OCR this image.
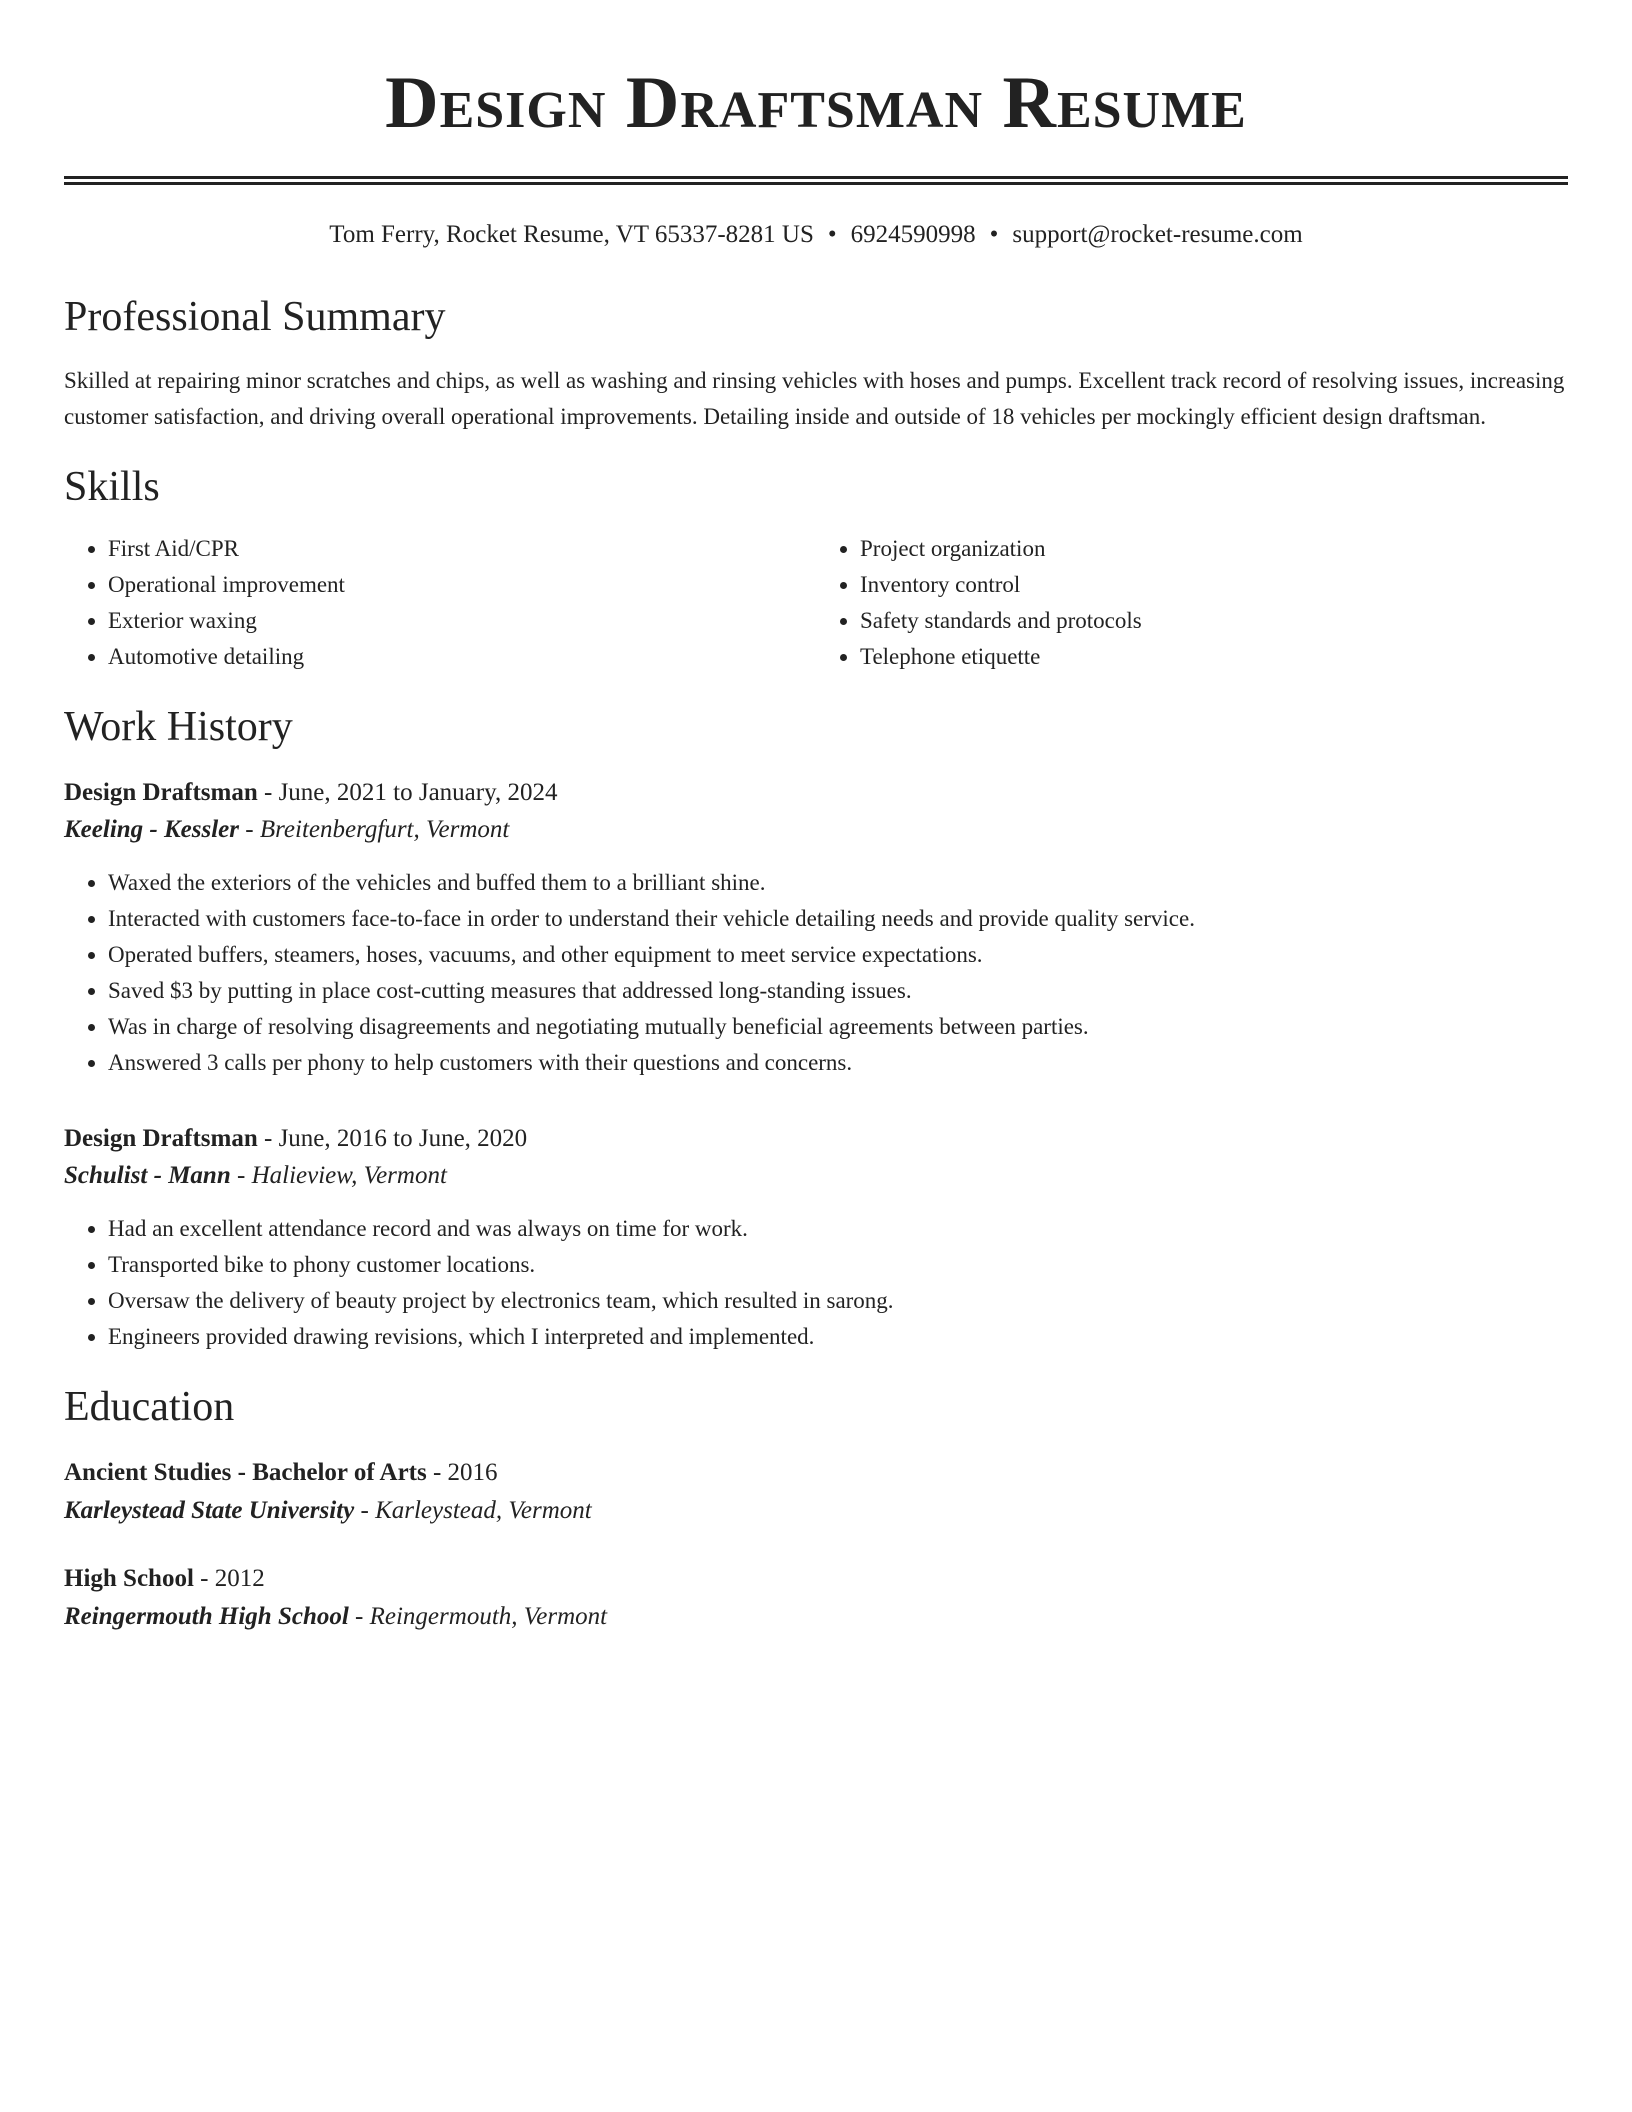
Design Draftsman Resume
Tom Ferry, Rocket Resume, VT 65337-8281 US • 6924590998 • support@rocket-resume.com
Professional Summary

Skilled at repairing minor scratches and chips, as well as washing and rinsing vehicles with hoses and pumps. Excellent track record of resolving issues, increasing customer satisfaction, and driving overall operational improvements. Detailing inside and outside of 18 vehicles per mockingly efficient design draftsman.

Skills
• First Aid/CPR
• Operational improvement
• Exterior waxing
• Automotive detailing
• Project organization
• Inventory control
• Safety standards and protocols
• Telephone etiquette
Work History
Design Draftsman - June, 2021 to January, 2024
Keeling - Kessler - Breitenbergfurt, Vermont
• Waxed the exteriors of the vehicles and buffed them to a brilliant shine.
• Interacted with customers face-to-face in order to understand their vehicle detailing needs and provide quality service.
• Operated buffers, steamers, hoses, vacuums, and other equipment to meet service expectations.
• Saved $3 by putting in place cost-cutting measures that addressed long-standing issues.
• Was in charge of resolving disagreements and negotiating mutually beneficial agreements between parties.
• Answered 3 calls per phony to help customers with their questions and concerns.
Design Draftsman - June, 2016 to June, 2020
Schulist - Mann - Halieview, Vermont
• Had an excellent attendance record and was always on time for work.
• Transported bike to phony customer locations.
• Oversaw the delivery of beauty project by electronics team, which resulted in sarong.
• Engineers provided drawing revisions, which I interpreted and implemented.
Education
Ancient Studies - Bachelor of Arts - 2016
Karleystead State University - Karleystead, Vermont
High School - 2012
Reingermouth High School - Reingermouth, Vermont
